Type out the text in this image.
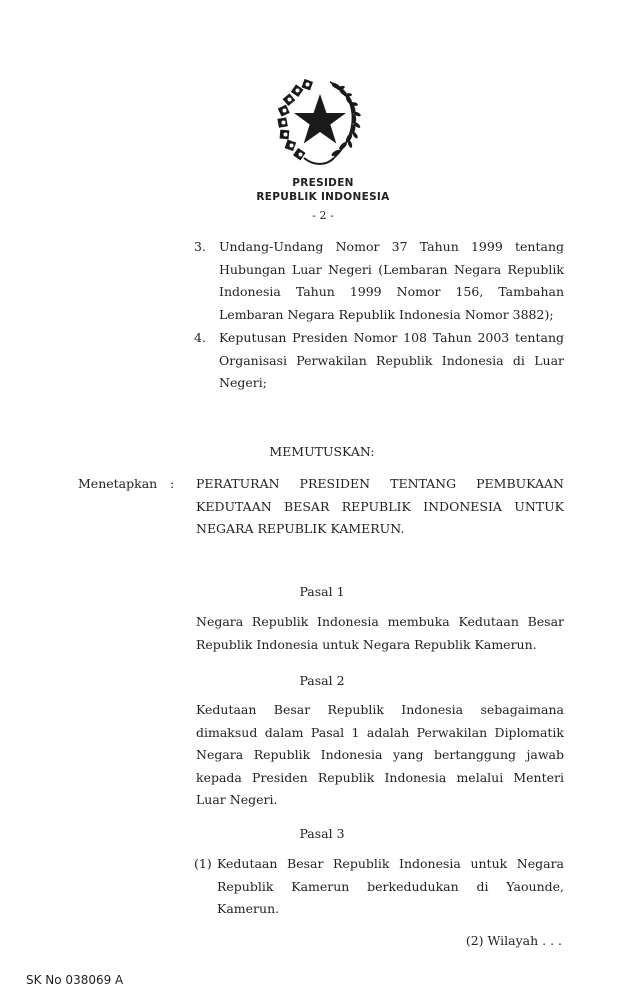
PRESIDEN
REPUBLIK INDONESIA
- 2 -
3. Undang-Undang Nomor 37 Tahun 1999 tentang

Hubungan Luar Negeri (Lembaran Negara Republik

Indonesia Tahun 1999 Nomor 156, Tambahan

Lembaran Negara Republik Indonesia Nomor 3882);

4. Keputusan Presiden Nomor 108 Tahun 2003 tentang

Organisasi Perwakilan Republik Indonesia di Luar

Negeri;

MEMUTUSKAN:
Menetapkan : PERATURAN PRESIDEN TENTANG PEMBUKAAN

KEDUTAAN BESAR REPUBLIK INDONESIA UNTUK

NEGARA REPUBLIK KAMERUN.

Pasal 1

Negara Republik Indonesia membuka Kedutaan Besar

Republik Indonesia untuk Negara Republik Kamerun.

Pasal 2

Kedutaan Besar Republik Indonesia sebagaimana

dimaksud dalam Pasal 1 adalah Perwakilan Diplomatik

Negara Republik Indonesia yang bertanggung jawab

kepada Presiden Republik Indonesia melalui Menteri

Luar Negeri.

Pasal 3
(1) Kedutaan Besar Republik Indonesia untuk Negara

Republik Kamerun berkedudukan di Yaounde,

Kamerun.

(2) Wilayah . . .
SK No 038069 A
